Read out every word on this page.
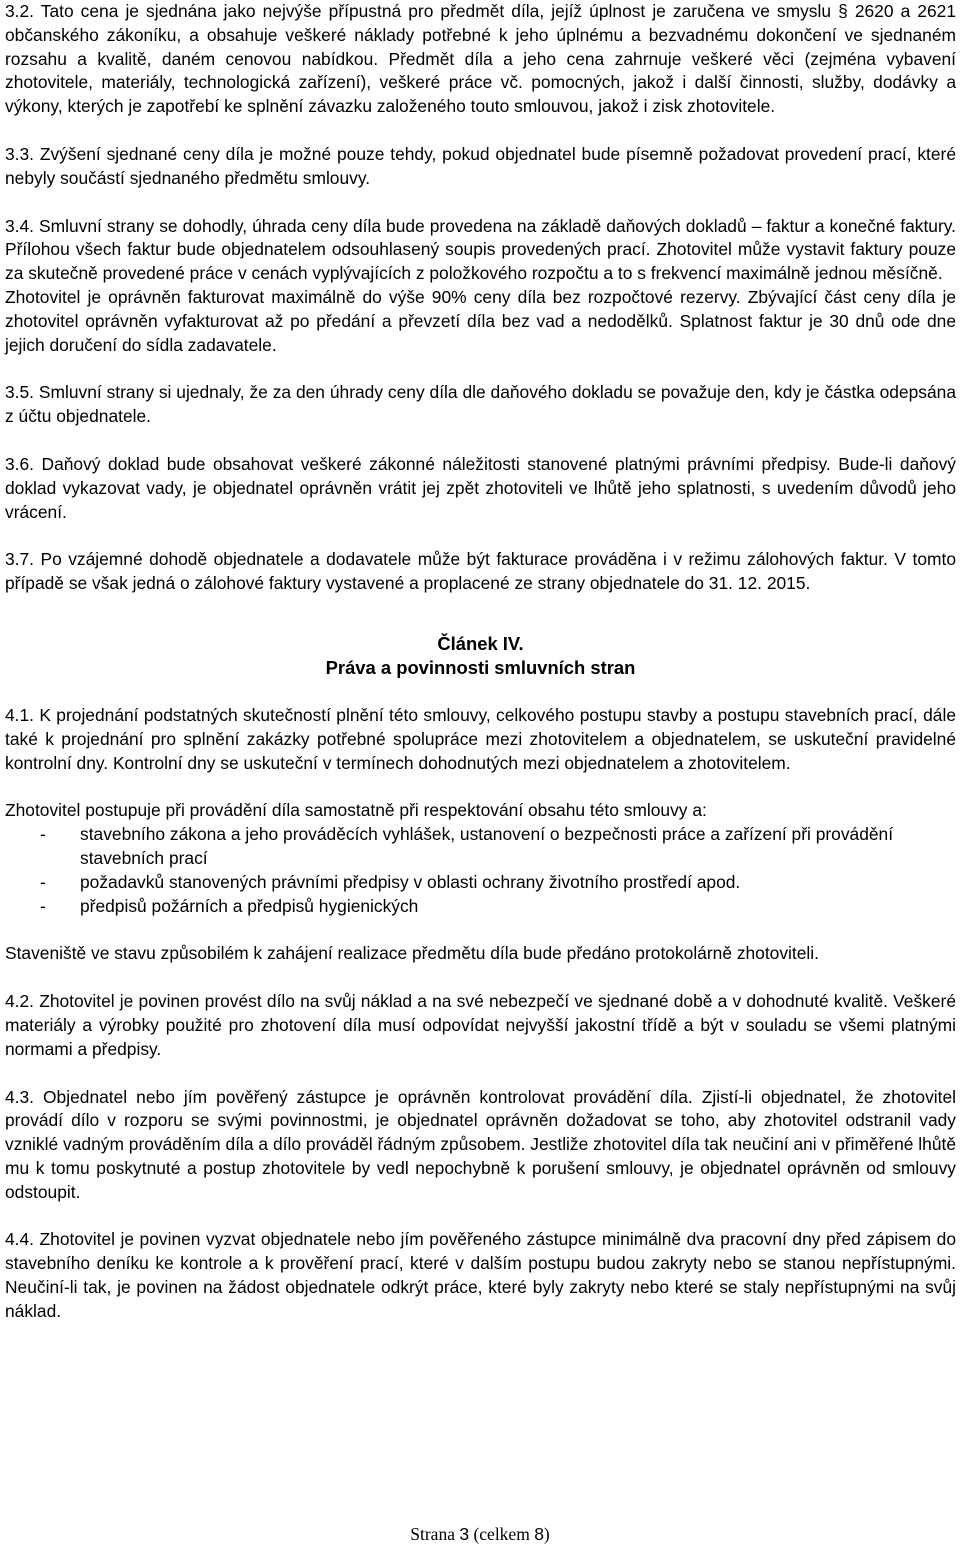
3.2. Tato cena je sjednána jako nejvýše přípustná pro předmět díla, jejíž úplnost je zaručena ve smyslu § 2620 a 2621 občanského zákoníku, a obsahuje veškeré náklady potřebné k jeho úplnému a bezvadnému dokončení ve sjednaném rozsahu a kvalitě, daném cenovou nabídkou. Předmět díla a jeho cena zahrnuje veškeré věci (zejména vybavení zhotovitele, materiály, technologická zařízení), veškeré práce vč. pomocných, jakož i další činnosti, služby, dodávky a výkony, kterých je zapotřebí ke splnění závazku založeného touto smlouvou, jakož i zisk zhotovitele.

3.3. Zvýšení sjednané ceny díla je možné pouze tehdy, pokud objednatel bude písemně požadovat provedení prací, které nebyly součástí sjednaného předmětu smlouvy.

3.4. Smluvní strany se dohodly, úhrada ceny díla bude provedena na základě daňových dokladů – faktur a konečné faktury. Přílohou všech faktur bude objednatelem odsouhlasený soupis provedených prací. Zhotovitel může vystavit faktury pouze za skutečně provedené práce v cenách vyplývajících z položkového rozpočtu a to s frekvencí maximálně jednou měsíčně.

Zhotovitel je oprávněn fakturovat maximálně do výše 90% ceny díla bez rozpočtové rezervy. Zbývající část ceny díla je zhotovitel oprávněn vyfakturovat až po předání a převzetí díla bez vad a nedodělků. Splatnost faktur je 30 dnů ode dne jejich doručení do sídla zadavatele.

3.5. Smluvní strany si ujednaly, že za den úhrady ceny díla dle daňového dokladu se považuje den, kdy je částka odepsána z účtu objednatele.

3.6. Daňový doklad bude obsahovat veškeré zákonné náležitosti stanovené platnými právními předpisy. Bude-li daňový doklad vykazovat vady, je objednatel oprávněn vrátit jej zpět zhotoviteli ve lhůtě jeho splatnosti, s uvedením důvodů jeho vrácení.

3.7. Po vzájemné dohodě objednatele a dodavatele může být fakturace prováděna i v režimu zálohových faktur. V tomto případě se však jedná o zálohové faktury vystavené a proplacené ze strany objednatele do 31. 12. 2015.

Článek IV.
Práva a povinnosti smluvních stran

4.1. K projednání podstatných skutečností plnění této smlouvy, celkového postupu stavby a postupu stavebních prací, dále také k projednání pro splnění zakázky potřebné spolupráce mezi zhotovitelem a objednatelem, se uskuteční pravidelné kontrolní dny. Kontrolní dny se uskuteční v termínech dohodnutých mezi objednatelem a zhotovitelem.

Zhotovitel postupuje při provádění díla samostatně při respektování obsahu této smlouvy a:

- stavebního zákona a jeho prováděcích vyhlášek, ustanovení o bezpečnosti práce a zařízení při provádění stavebních prací
- požadavků stanovených právními předpisy v oblasti ochrany životního prostředí apod.
- předpisů požárních a předpisů hygienických

Staveniště ve stavu způsobilém k zahájení realizace předmětu díla bude předáno protokolárně zhotoviteli.

4.2. Zhotovitel je povinen provést dílo na svůj náklad a na své nebezpečí ve sjednané době a v dohodnuté kvalitě. Veškeré materiály a výrobky použité pro zhotovení díla musí odpovídat nejvyšší jakostní třídě a být v souladu se všemi platnými normami a předpisy.

4.3. Objednatel nebo jím pověřený zástupce je oprávněn kontrolovat provádění díla. Zjistí-li objednatel, že zhotovitel provádí dílo v rozporu se svými povinnostmi, je objednatel oprávněn dožadovat se toho, aby zhotovitel odstranil vady vzniklé vadným prováděním díla a dílo prováděl řádným způsobem. Jestliže zhotovitel díla tak neučiní ani v přiměřené lhůtě mu k tomu poskytnuté a postup zhotovitele by vedl nepochybně k porušení smlouvy, je objednatel oprávněn od smlouvy odstoupit.

4.4. Zhotovitel je povinen vyzvat objednatele nebo jím pověřeného zástupce minimálně dva pracovní dny před zápisem do stavebního deníku ke kontrole a k prověření prací, které v dalším postupu budou zakryty nebo se stanou nepřístupnými. Neučiní-li tak, je povinen na žádost objednatele odkrýt práce, které byly zakryty nebo které se staly nepřístupnými na svůj náklad.

Strana 3 (celkem 8)
